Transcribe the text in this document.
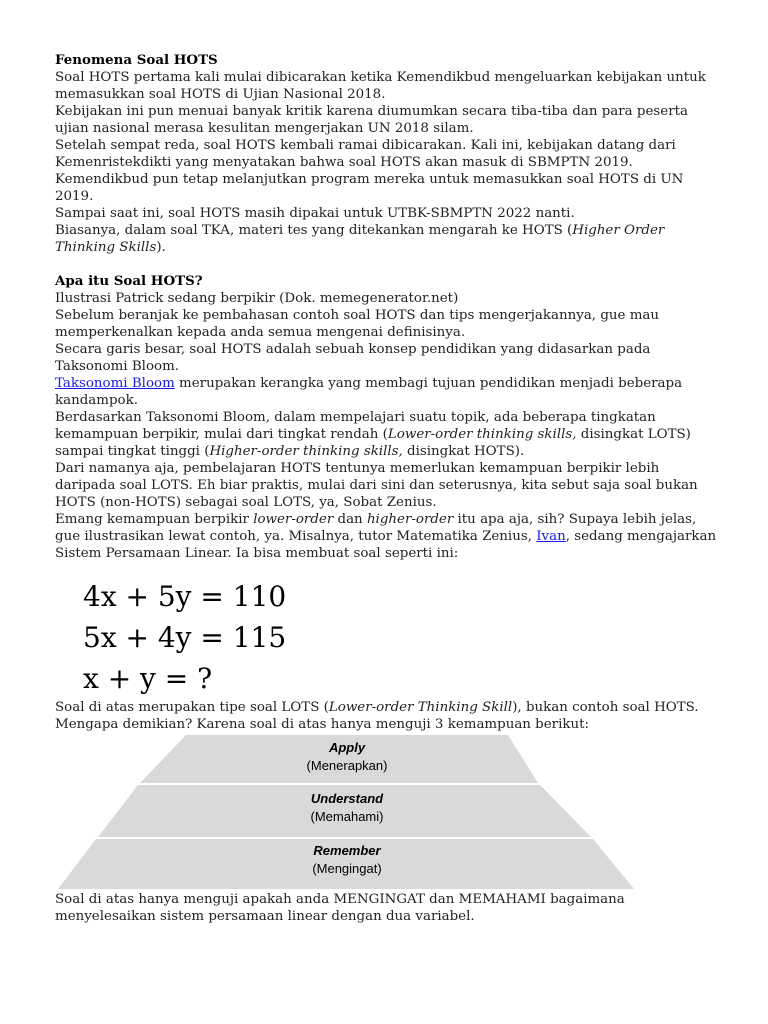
Fenomena Soal HOTS

Soal HOTS pertama kali mulai dibicarakan ketika Kemendikbud mengeluarkan kebijakan untuk memasukkan soal HOTS di Ujian Nasional 2018.

Kebijakan ini pun menuai banyak kritik karena diumumkan secara tiba-tiba dan para peserta ujian nasional merasa kesulitan mengerjakan UN 2018 silam.

Setelah sempat reda, soal HOTS kembali ramai dibicarakan. Kali ini, kebijakan datang dari Kemenristekdikti yang menyatakan bahwa soal HOTS akan masuk di SBMPTN 2019. Kemendikbud pun tetap melanjutkan program mereka untuk memasukkan soal HOTS di UN 2019.

Sampai saat ini, soal HOTS masih dipakai untuk UTBK-SBMPTN 2022 nanti.

Biasanya, dalam soal TKA, materi tes yang ditekankan mengarah ke HOTS (Higher Order Thinking Skills).

Apa itu Soal HOTS?

Ilustrasi Patrick sedang berpikir (Dok. memegenerator.net)

Sebelum beranjak ke pembahasan contoh soal HOTS dan tips mengerjakannya, gue mau memperkenalkan kepada anda semua mengenai definisinya.

Secara garis besar, soal HOTS adalah sebuah konsep pendidikan yang didasarkan pada Taksonomi Bloom.

Taksonomi Bloom merupakan kerangka yang membagi tujuan pendidikan menjadi beberapa kandampok.

Berdasarkan Taksonomi Bloom, dalam mempelajari suatu topik, ada beberapa tingkatan kemampuan berpikir, mulai dari tingkat rendah (Lower-order thinking skills, disingkat LOTS) sampai tingkat tinggi (Higher-order thinking skills, disingkat HOTS).

Dari namanya aja, pembelajaran HOTS tentunya memerlukan kemampuan berpikir lebih daripada soal LOTS. Eh biar praktis, mulai dari sini dan seterusnya, kita sebut saja soal bukan HOTS (non-HOTS) sebagai soal LOTS, ya, Sobat Zenius.

Emang kemampuan berpikir lower-order dan higher-order itu apa aja, sih? Supaya lebih jelas, gue ilustrasikan lewat contoh, ya. Misalnya, tutor Matematika Zenius, Ivan, sedang mengajarkan Sistem Persamaan Linear. Ia bisa membuat soal seperti ini:

4x + 5y = 110
5x + 4y = 115
x + y = ?

Soal di atas merupakan tipe soal LOTS (Lower-order Thinking Skill), bukan contoh soal HOTS. Mengapa demikian? Karena soal di atas hanya menguji 3 kemampuan berikut:

Apply
(Menerapkan)
Understand
(Memahami)
Remember
(Mengingat)

Soal di atas hanya menguji apakah anda MENGINGAT dan MEMAHAMI bagaimana menyelesaikan sistem persamaan linear dengan dua variabel.
